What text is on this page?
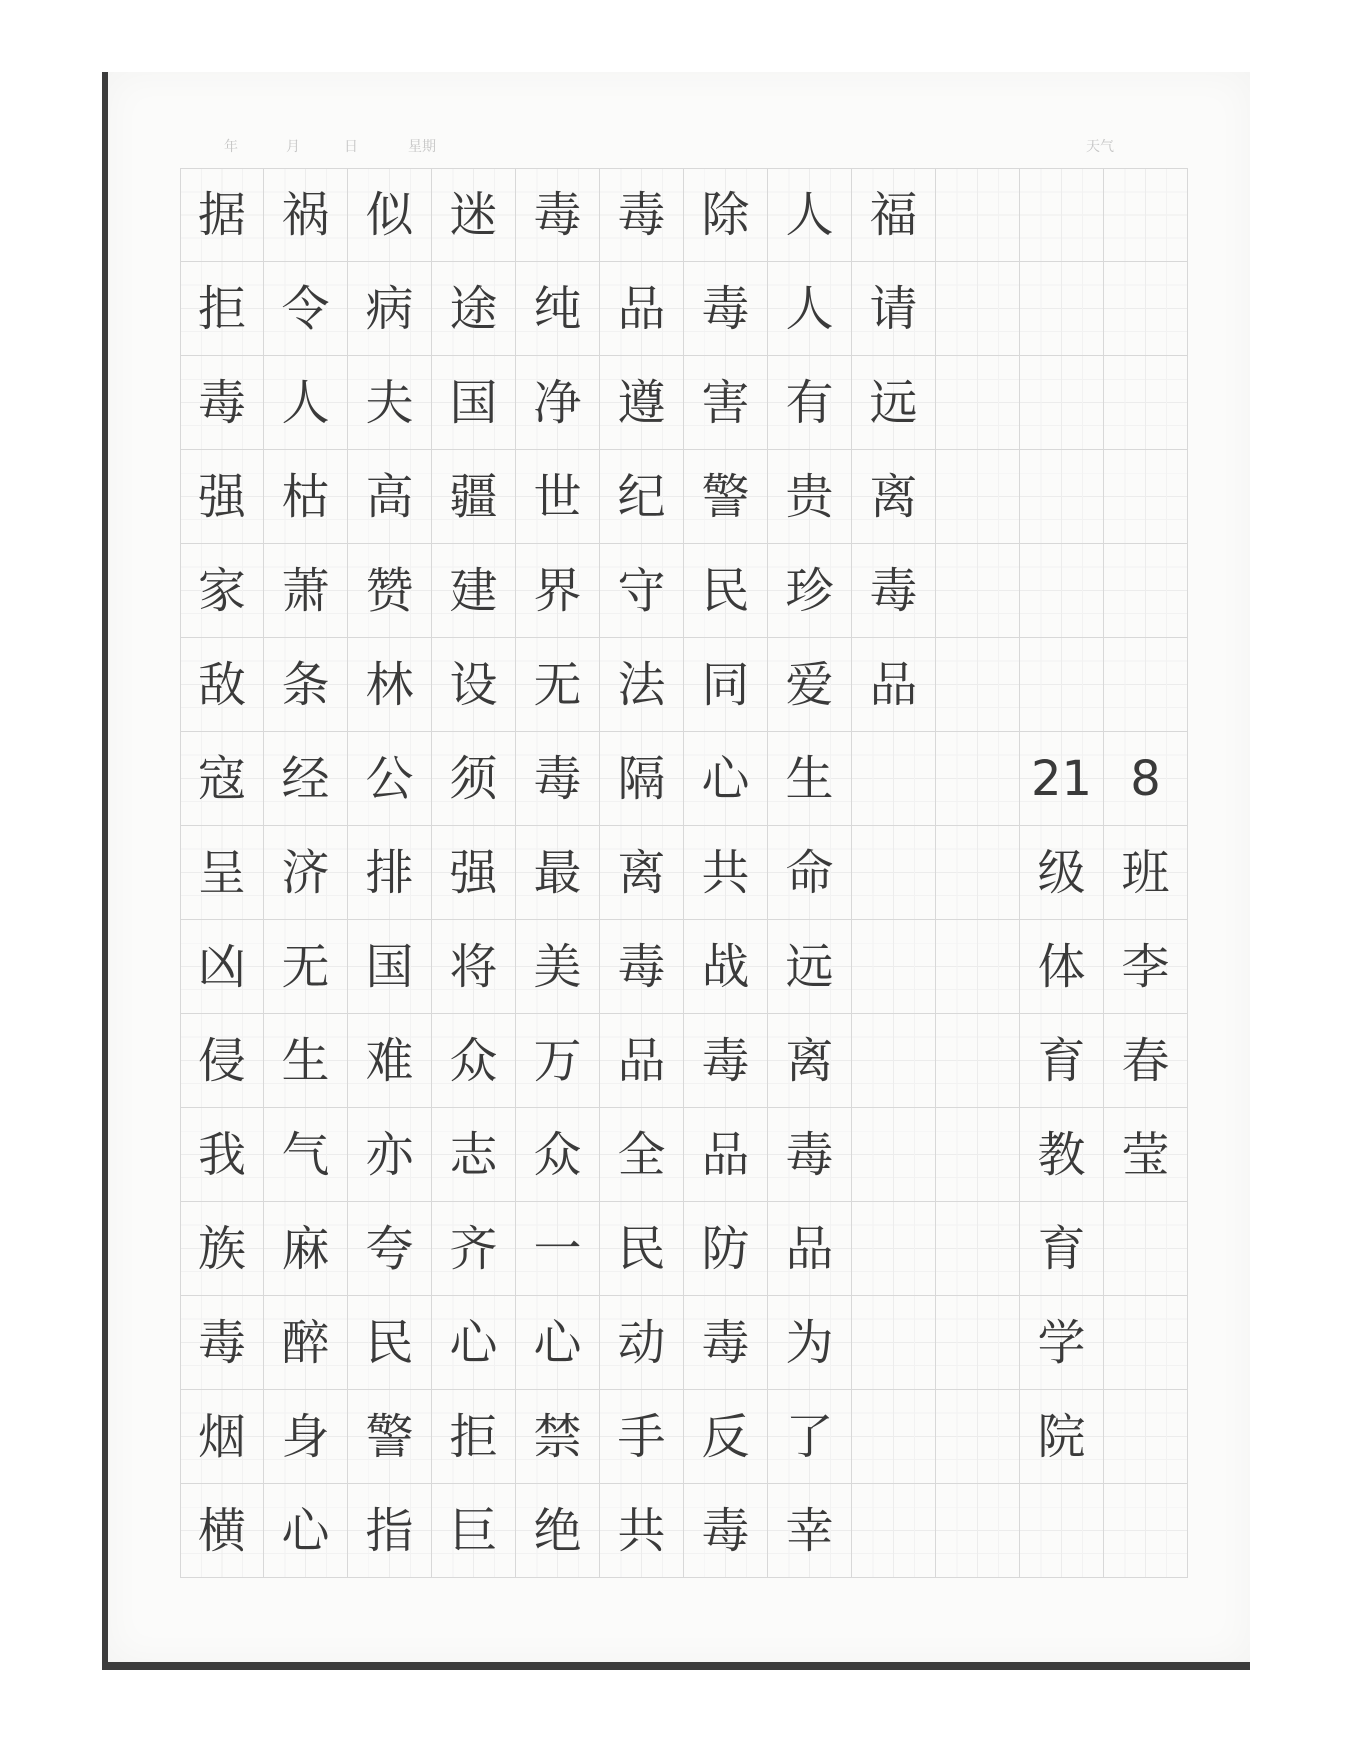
年	月	日	星期	天气
据 祸 似 迷 毒 毒 除 人 福
拒 令 病 途 纯 品 毒 人 请
毒 人 夫 国 净 遵 害 有 远
强 枯 高 疆 世 纪 警 贵 离
家 萧 赞 建 界 守 民 珍 毒
敌 条 林 设 无 法 同 爱 品
寇 经 公 须 毒 隔 心 生	21 8
呈 济 排 强 最 离 共 命	级 班
凶 无 国 将 美 毒 战 远	体 李
侵 生 难 众 万 品 毒 离	育 春
我 气 亦 志 众 全 品 毒	教 莹
族 麻 夸 齐 一 民 防 品	育
毒 醉 民 心 心 动 毒 为	学
烟 身 警 拒 禁 手 反 了	院
横 心 指 巨 绝 共 毒 幸
